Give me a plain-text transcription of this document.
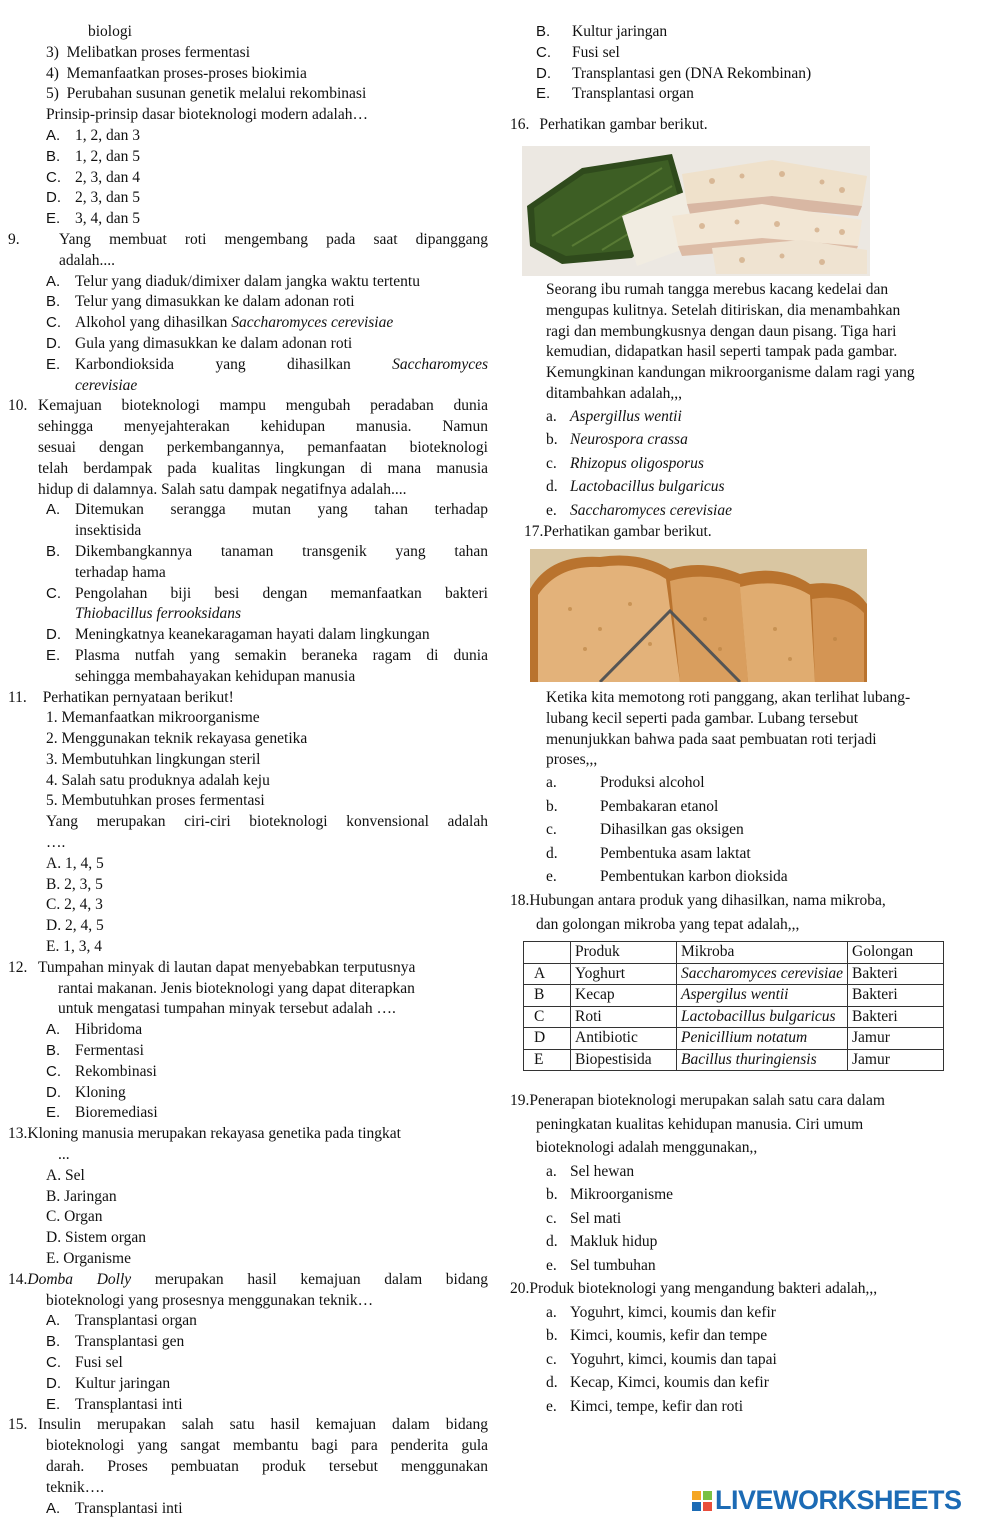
biologi
3)  Melibatkan proses fermentasi
4)  Memanfaatkan proses-proses biokimia
5)  Perubahan susunan genetik melalui rekombinasi
Prinsip-prinsip dasar bioteknologi modern adalah…
A. 1, 2, dan 3
B. 1, 2, dan 5
C. 2, 3, dan 4
D. 2, 3, dan 5
E. 3, 4, dan 5
9.	Yang membuat roti mengembang pada saat dipanggang
adalah....
A. Telur yang diaduk/dimixer dalam jangka waktu tertentu
B. Telur yang dimasukkan ke dalam adonan roti
C. Alkohol yang dihasilkan Saccharomyces cerevisiae
D. Gula yang dimasukkan ke dalam adonan roti
E. Karbondioksida yang dihasilkan	Saccharomyces
cerevisiae
10. Kemajuan bioteknologi mampu mengubah peradaban dunia
sehingga menyejahterakan kehidupan manusia. Namun
sesuai dengan perkembangannya, pemanfaatan bioteknologi
telah berdampak pada kualitas lingkungan di mana manusia
hidup di dalamnya. Salah satu dampak negatifnya adalah....
A. Ditemukan serangga mutan yang tahan terhadap
insektisida
B. Dikembangkannya tanaman transgenik yang tahan
terhadap hama
C. Pengolahan biji besi dengan memanfaatkan bakteri
Thiobacillus ferrooksidans
D. Meningkatnya keanekaragaman hayati dalam lingkungan
E. Plasma nutfah yang semakin beraneka ragam di dunia
sehingga membahayakan kehidupan manusia
11. Perhatikan pernyataan berikut!
1. Memanfaatkan mikroorganisme
2. Menggunakan teknik rekayasa genetika
3. Membutuhkan lingkungan steril
4. Salah satu produknya adalah keju
5. Membutuhkan proses fermentasi
Yang merupakan ciri-ciri bioteknologi konvensional adalah
….
A. 1, 4, 5
B. 2, 3, 5
C. 2, 4, 3
D. 2, 4, 5
E. 1, 3, 4
12. Tumpahan minyak di lautan dapat menyebabkan terputusnya
rantai makanan. Jenis bioteknologi yang dapat diterapkan
untuk mengatasi tumpahan minyak tersebut adalah ….
A. Hibridoma
B. Fermentasi
C. Rekombinasi
D. Kloning
E. Bioremediasi
13.Kloning manusia merupakan rekayasa genetika pada tingkat
...
A. Sel
B. Jaringan
C. Organ
D. Sistem organ
E. Organisme
14.Domba Dolly merupakan hasil kemajuan dalam bidang
bioteknologi yang prosesnya menggunakan teknik…
A. Transplantasi organ
B. Transplantasi gen
C. Fusi sel
D. Kultur jaringan
E. Transplantasi inti
15. Insulin merupakan salah satu hasil kemajuan dalam bidang
bioteknologi yang sangat membantu bagi para penderita gula
darah. Proses pembuatan produk tersebut menggunakan
teknik….
A. Transplantasi inti
B.	Kultur jaringan
C.	Fusi sel
D.	Transplantasi gen (DNA Rekombinan)
E.	Transplantasi organ
16. Perhatikan gambar berikut.
Seorang ibu rumah tangga merebus kacang kedelai dan
mengupas kulitnya. Setelah ditiriskan, dia menambahkan
ragi dan membungkusnya dengan daun pisang. Tiga hari
kemudian, didapatkan hasil seperti tampak pada gambar.
Kemungkinan kandungan mikroorganisme dalam ragi yang
ditambahkan adalah,,,
a. Aspergillus wentii
b. Neurospora crassa
c. Rhizopus oligosporus
d. Lactobacillus bulgaricus
e. Saccharomyces cerevisiae
17.Perhatikan gambar berikut.
Ketika kita memotong roti panggang, akan terlihat lubang-
lubang kecil seperti pada gambar. Lubang tersebut
menunjukkan bahwa pada saat pembuatan roti terjadi
proses,,,
a.	Produksi alcohol
b.	Pembakaran etanol
c.	Dihasilkan gas oksigen
d.	Pembentuka asam laktat
e.	Pembentukan karbon dioksida
18.Hubungan antara produk yang dihasilkan, nama mikroba,
dan golongan mikroba yang tepat adalah,,,
	Produk	Mikroba	Golongan
A	Yoghurt	Saccharomyces cerevisiae	Bakteri
B	Kecap	Aspergilus wentii	Bakteri
C	Roti	Lactobacillus bulgaricus	Bakteri
D	Antibiotic	Penicillium notatum	Jamur
E	Biopestisida	Bacillus thuringiensis	Jamur
19.Penerapan bioteknologi merupakan salah satu cara dalam
peningkatan kualitas kehidupan manusia. Ciri umum
bioteknologi adalah menggunakan,,
a. Sel hewan
b. Mikroorganisme
c. Sel mati
d. Makluk hidup
e. Sel tumbuhan
20.Produk bioteknologi yang mengandung bakteri adalah,,,
a. Yoguhrt, kimci, koumis dan kefir
b. Kimci, koumis, kefir dan tempe
c. Yoguhrt, kimci, koumis dan tapai
d. Kecap, Kimci, koumis dan kefir
e. Kimci, tempe, kefir dan roti
LIVEWORKSHEETS
